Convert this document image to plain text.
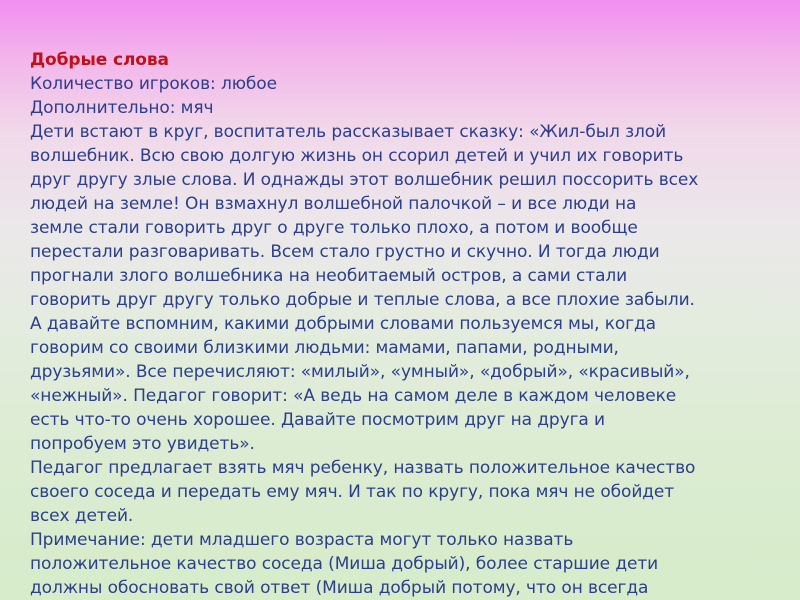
Добрые слова
Количество игроков: любое
Дополнительно: мяч
Дети встают в круг, воспитатель рассказывает сказку: «Жил-был злой
волшебник. Всю свою долгую жизнь он ссорил детей и учил их говорить
друг другу злые слова. И однажды этот волшебник решил поссорить всех
людей на земле! Он взмахнул волшебной палочкой – и все люди на
земле стали говорить друг о друге только плохо, а потом и вообще
перестали разговаривать. Всем стало грустно и скучно. И тогда люди
прогнали злого волшебника на необитаемый остров, а сами стали
говорить друг другу только добрые и теплые слова, а все плохие забыли.
А давайте вспомним, какими добрыми словами пользуемся мы, когда
говорим со своими близкими людьми: мамами, папами, родными,
друзьями». Все перечисляют: «милый», «умный», «добрый», «красивый»,
«нежный». Педагог говорит: «А ведь на самом деле в каждом человеке
есть что-то очень хорошее. Давайте посмотрим друг на друга и
попробуем это увидеть».
Педагог предлагает взять мяч ребенку, назвать положительное качество
своего соседа и передать ему мяч. И так по кругу, пока мяч не обойдет
всех детей.
Примечание: дети младшего возраста могут только назвать
положительное качество соседа (Миша добрый), более старшие дети
должны обосновать свой ответ (Миша добрый потому, что он всегда
